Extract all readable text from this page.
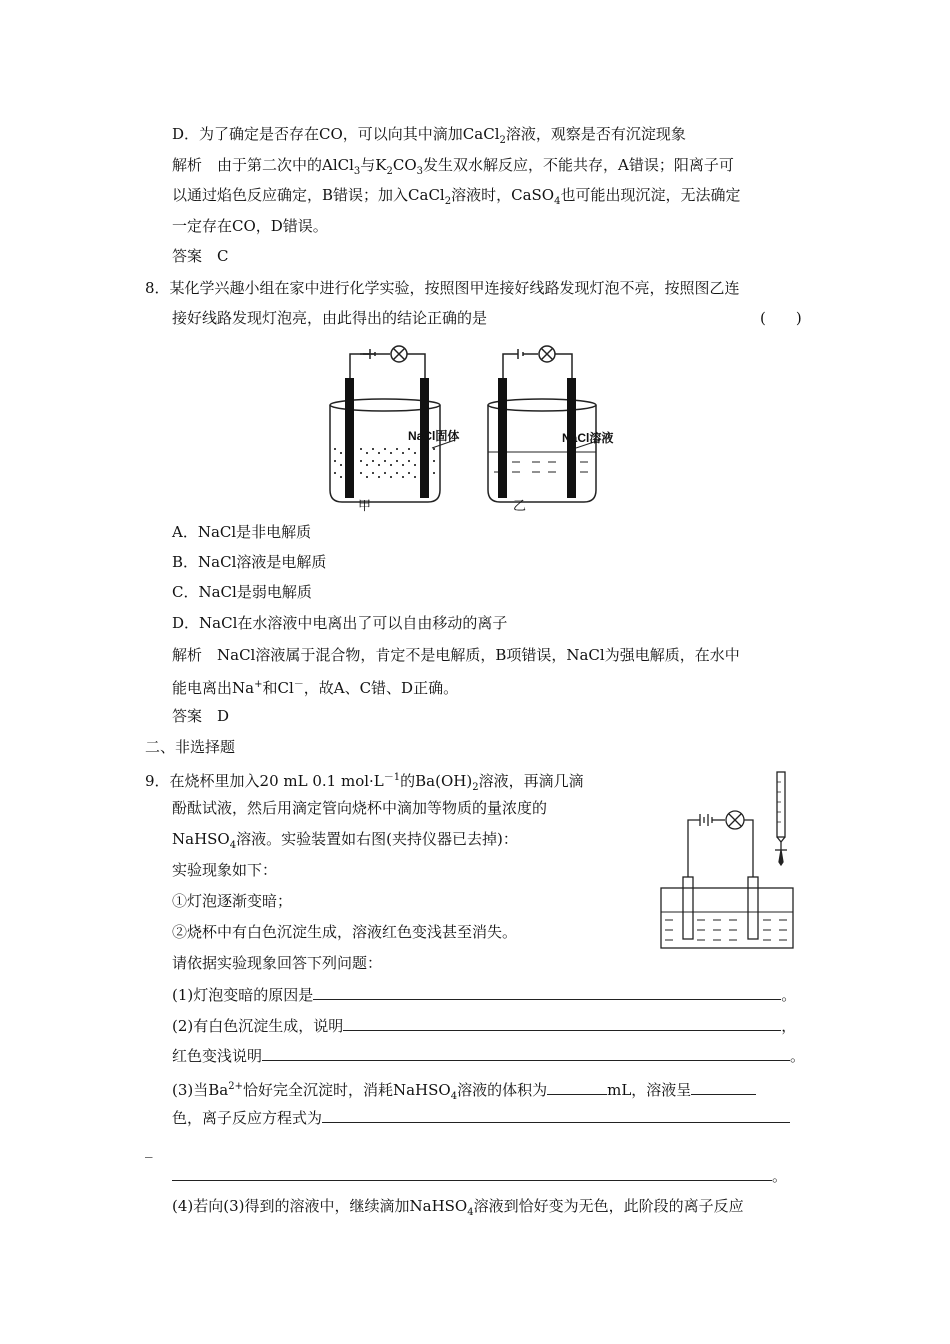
D．为了确定是否存在CO，可以向其中滴加CaCl$_2$溶液，观察是否有沉淀现象
解析　由于第二次中的AlCl$_3$与$K_2CO_3$发生双水解反应，不能共存，A错误；阳离子可
以通过焰色反应确定，B错误；加入CaCl$_2$溶液时，CaSO$_4$也可能出现沉淀，无法确定
一定存在CO，D错误。
答案　C
8．某化学兴趣小组在家中进行化学实验，按照图甲连接好线路发现灯泡不亮，按照图乙连
接好线路发现灯泡亮，由此得出的结论正确的是	(　　)
NaCl固体	NaCl溶液
甲	乙
A．NaCl是非电解质
B．NaCl溶液是电解质
C．NaCl是弱电解质
D．NaCl在水溶液中电离出了可以自由移动的离子
解析　NaCl溶液属于混合物，肯定不是电解质，B项错误，NaCl为强电解质，在水中
能电离出Na+和Cl－，故A、C错、D正确。
答案　D
二、非选择题
9．在烧杯里加入20 mL 0.1 $mol\cdot L^{-1}$的$Ba(OH)_2$溶液，再滴几滴
酚酞试液，然后用滴定管向烧杯中滴加等物质的量浓度的
NaHSO$_4$溶液。实验装置如右图(夹持仪器已去掉)：
实验现象如下：
①灯泡逐渐变暗；
②烧杯中有白色沉淀生成，溶液红色变浅甚至消失。
请依据实验现象回答下列问题：
(1)灯泡变暗的原因是	。
(2)有白色沉淀生成，说明	，
红色变浅说明	。
(3)当$Ba^{2+}$恰好完全沉淀时，消耗NaHSO$_4$溶液的体积为	mL，溶液呈
色，离子反应方程式为
_
。
(4)若向(3)得到的溶液中，继续滴加NaHSO$_4$溶液到恰好变为无色，此阶段的离子反应
